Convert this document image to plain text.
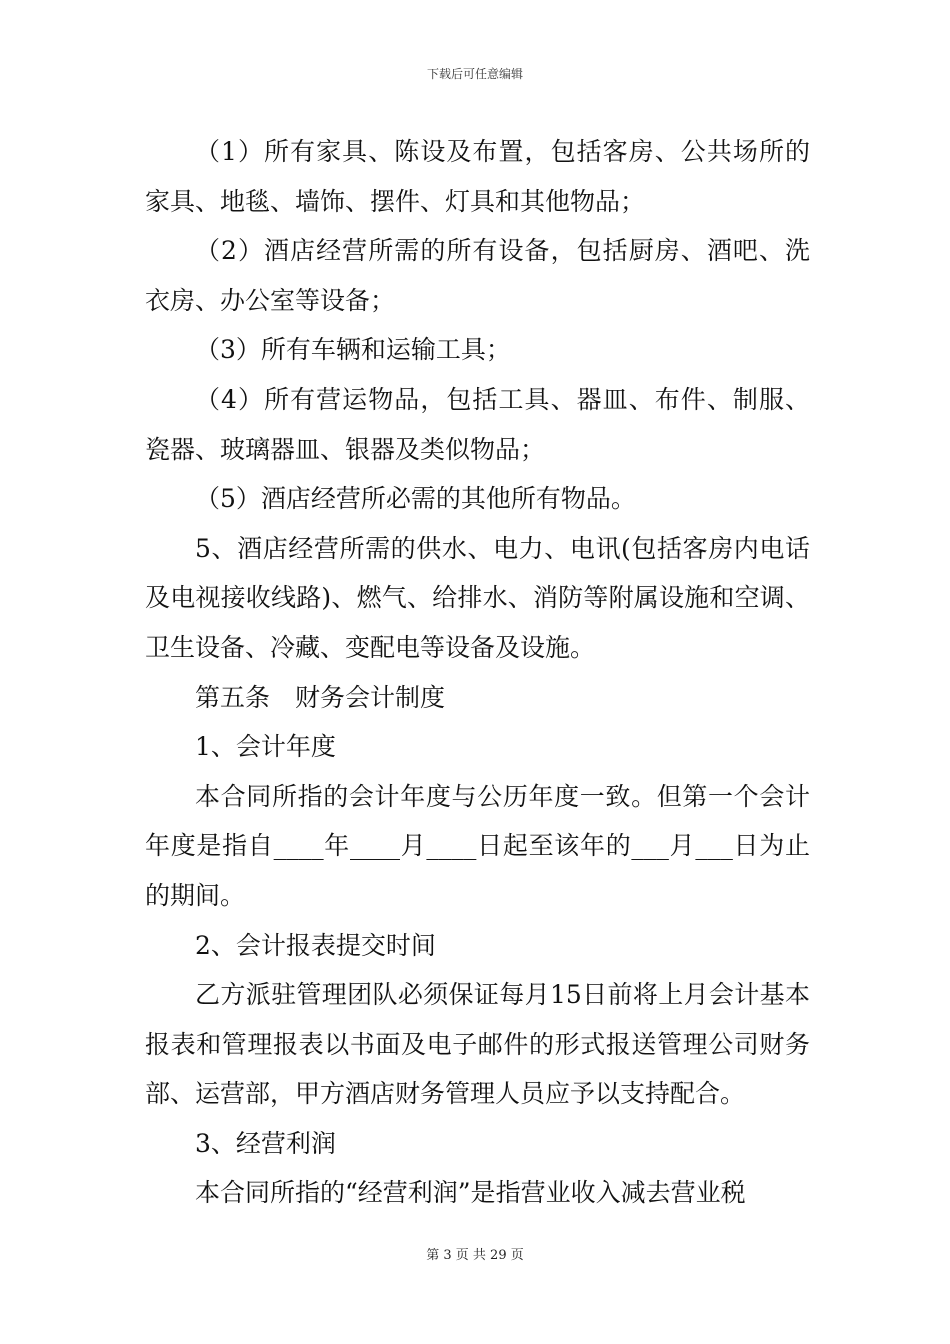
下载后可任意编辑

（1）所有家具、陈设及布置，包括客房、公共场所的家具、地毯、墙饰、摆件、灯具和其他物品；

（2）酒店经营所需的所有设备，包括厨房、酒吧、洗衣房、办公室等设备；

（3）所有车辆和运输工具；

（4）所有营运物品，包括工具、器皿、布件、制服、瓷器、玻璃器皿、银器及类似物品；

（5）酒店经营所必需的其他所有物品。

5、酒店经营所需的供水、电力、电讯(包括客房内电话及电视接收线路)、燃气、给排水、消防等附属设施和空调、卫生设备、冷藏、变配电等设备及设施。

第五条　财务会计制度

1、会计年度

本合同所指的会计年度与公历年度一致。但第一个会计年度是指自____年____月____日起至该年的___月___日为止的期间。

2、会计报表提交时间

乙方派驻管理团队必须保证每月15日前将上月会计基本报表和管理报表以书面及电子邮件的形式报送管理公司财务部、运营部，甲方酒店财务管理人员应予以支持配合。

3、经营利润

本合同所指的“经营利润”是指营业收入减去营业税

第 3 页 共 29 页
